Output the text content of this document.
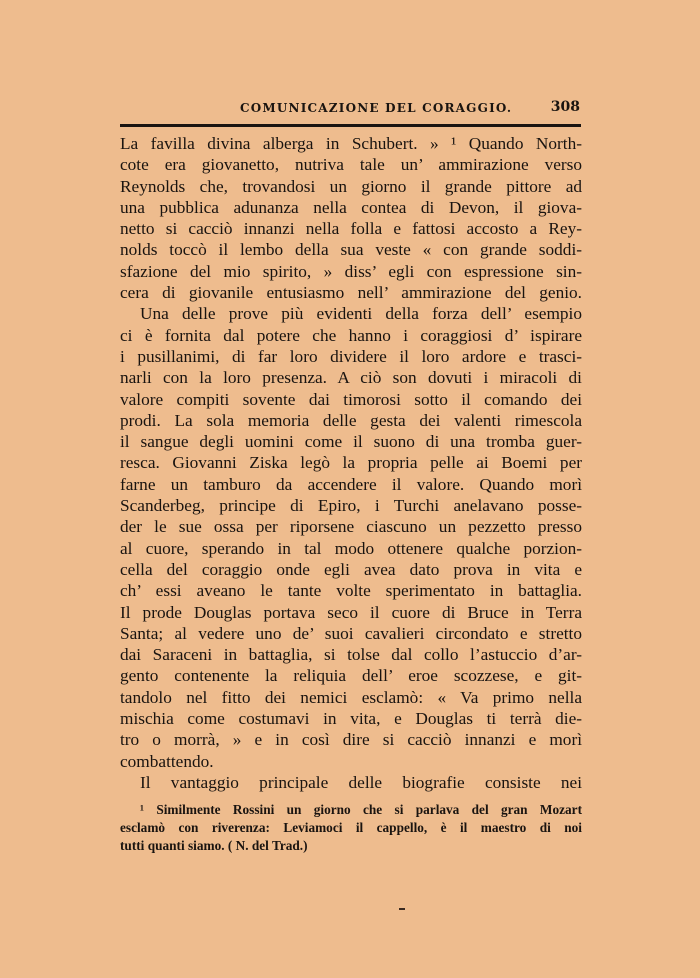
COMUNICAZIONE DEL CORAGGIO.	308
La favilla divina alberga in Schubert. » ¹ Quando North-
cote era giovanetto, nutriva tale un’ ammirazione verso
Reynolds che, trovandosi un giorno il grande pittore ad
una pubblica adunanza nella contea di Devon, il giova-
netto si cacciò innanzi nella folla e fattosi accosto a Rey-
nolds toccò il lembo della sua veste « con grande soddi-
sfazione del mio spirito, » diss’ egli con espressione sin-
cera di giovanile entusiasmo nell’ ammirazione del genio.
Una delle prove più evidenti della forza dell’ esempio
ci è fornita dal potere che hanno i coraggiosi d’ ispirare
i pusillanimi, di far loro dividere il loro ardore e trasci-
narli con la loro presenza. A ciò son dovuti i miracoli di
valore compiti sovente dai timorosi sotto il comando dei
prodi. La sola memoria delle gesta dei valenti rimescola
il sangue degli uomini come il suono di una tromba guer-
resca. Giovanni Ziska legò la propria pelle ai Boemi per
farne un tamburo da accendere il valore. Quando morì
Scanderbeg, principe di Epiro, i Turchi anelavano posse-
der le sue ossa per riporsene ciascuno un pezzetto presso
al cuore, sperando in tal modo ottenere qualche porzion-
cella del coraggio onde egli avea dato prova in vita e
ch’ essi aveano le tante volte sperimentato in battaglia.
Il prode Douglas portava seco il cuore di Bruce in Terra
Santa; al vedere uno de’ suoi cavalieri circondato e stretto
dai Saraceni in battaglia, si tolse dal collo l’astuccio d’ar-
gento contenente la reliquia dell’ eroe scozzese, e git-
tandolo nel fitto dei nemici esclamò: « Va primo nella
mischia come costumavi in vita, e Douglas ti terrà die-
tro o morrà, » e in così dire si cacciò innanzi e morì
combattendo.
Il vantaggio principale delle biografie consiste nei
¹ Similmente Rossini un giorno che si parlava del gran Mozart
esclamò con riverenza: Leviamoci il cappello, è il maestro di noi
tutti quanti siamo. ( N. del Trad.)
